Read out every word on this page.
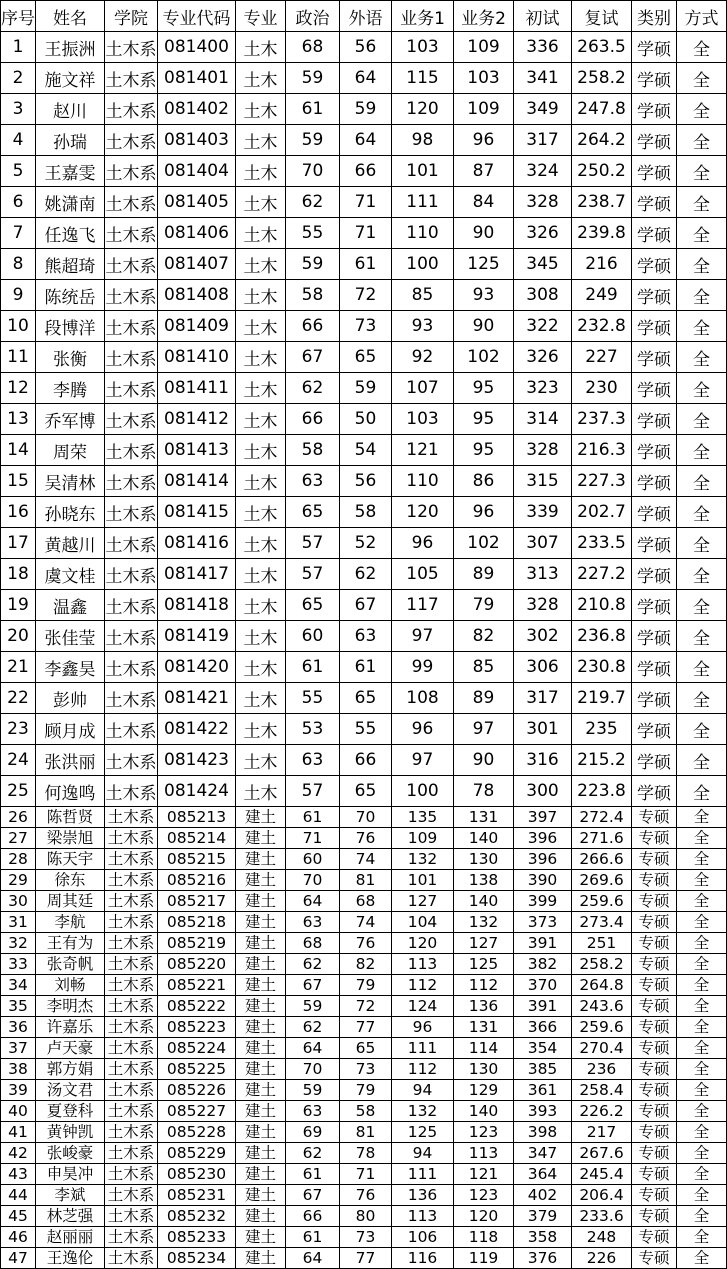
序号	姓名	学院	专业代码	专业	政治	外语	业务1	业务2	初试	复试	类别	方式
1	王振洲	土木系	081400	土木	68	56	103	109	336	263.5	学硕	全
2	施文祥	土木系	081401	土木	59	64	115	103	341	258.2	学硕	全
3	赵川	土木系	081402	土木	61	59	120	109	349	247.8	学硕	全
4	孙瑞	土木系	081403	土木	59	64	98	96	317	264.2	学硕	全
5	王嘉雯	土木系	081404	土木	70	66	101	87	324	250.2	学硕	全
6	姚潇南	土木系	081405	土木	62	71	111	84	328	238.7	学硕	全
7	任逸飞	土木系	081406	土木	55	71	110	90	326	239.8	学硕	全
8	熊超琦	土木系	081407	土木	59	61	100	125	345	216	学硕	全
9	陈统岳	土木系	081408	土木	58	72	85	93	308	249	学硕	全
10	段博洋	土木系	081409	土木	66	73	93	90	322	232.8	学硕	全
11	张衡	土木系	081410	土木	67	65	92	102	326	227	学硕	全
12	李腾	土木系	081411	土木	62	59	107	95	323	230	学硕	全
13	乔军博	土木系	081412	土木	66	50	103	95	314	237.3	学硕	全
14	周荣	土木系	081413	土木	58	54	121	95	328	216.3	学硕	全
15	吴清林	土木系	081414	土木	63	56	110	86	315	227.3	学硕	全
16	孙晓东	土木系	081415	土木	65	58	120	96	339	202.7	学硕	全
17	黄越川	土木系	081416	土木	57	52	96	102	307	233.5	学硕	全
18	虞文桂	土木系	081417	土木	57	62	105	89	313	227.2	学硕	全
19	温鑫	土木系	081418	土木	65	67	117	79	328	210.8	学硕	全
20	张佳莹	土木系	081419	土木	60	63	97	82	302	236.8	学硕	全
21	李鑫昊	土木系	081420	土木	61	61	99	85	306	230.8	学硕	全
22	彭帅	土木系	081421	土木	55	65	108	89	317	219.7	学硕	全
23	顾月成	土木系	081422	土木	53	55	96	97	301	235	学硕	全
24	张洪丽	土木系	081423	土木	63	66	97	90	316	215.2	学硕	全
25	何逸鸣	土木系	081424	土木	57	65	100	78	300	223.8	学硕	全
26	陈哲贤	土木系	085213	建土	61	70	135	131	397	272.4	专硕	全
27	梁崇旭	土木系	085214	建土	71	76	109	140	396	271.6	专硕	全
28	陈天宇	土木系	085215	建土	60	74	132	130	396	266.6	专硕	全
29	徐东	土木系	085216	建土	70	81	101	138	390	269.6	专硕	全
30	周其廷	土木系	085217	建土	64	68	127	140	399	259.6	专硕	全
31	李航	土木系	085218	建土	63	74	104	132	373	273.4	专硕	全
32	王有为	土木系	085219	建土	68	76	120	127	391	251	专硕	全
33	张奇帆	土木系	085220	建土	62	82	113	125	382	258.2	专硕	全
34	刘畅	土木系	085221	建土	67	79	112	112	370	264.8	专硕	全
35	李明杰	土木系	085222	建土	59	72	124	136	391	243.6	专硕	全
36	许嘉乐	土木系	085223	建土	62	77	96	131	366	259.6	专硕	全
37	卢天豪	土木系	085224	建土	64	65	111	114	354	270.4	专硕	全
38	郭方娟	土木系	085225	建土	70	73	112	130	385	236	专硕	全
39	汤文君	土木系	085226	建土	59	79	94	129	361	258.4	专硕	全
40	夏登科	土木系	085227	建土	63	58	132	140	393	226.2	专硕	全
41	黄钟凯	土木系	085228	建土	69	81	125	123	398	217	专硕	全
42	张峻豪	土木系	085229	建土	62	78	94	113	347	267.6	专硕	全
43	申昊冲	土木系	085230	建土	61	71	111	121	364	245.4	专硕	全
44	李斌	土木系	085231	建土	67	76	136	123	402	206.4	专硕	全
45	林芝强	土木系	085232	建土	66	80	113	120	379	233.6	专硕	全
46	赵丽丽	土木系	085233	建土	61	73	106	118	358	248	专硕	全
47	王逸伦	土木系	085234	建土	64	77	116	119	376	226	专硕	全
